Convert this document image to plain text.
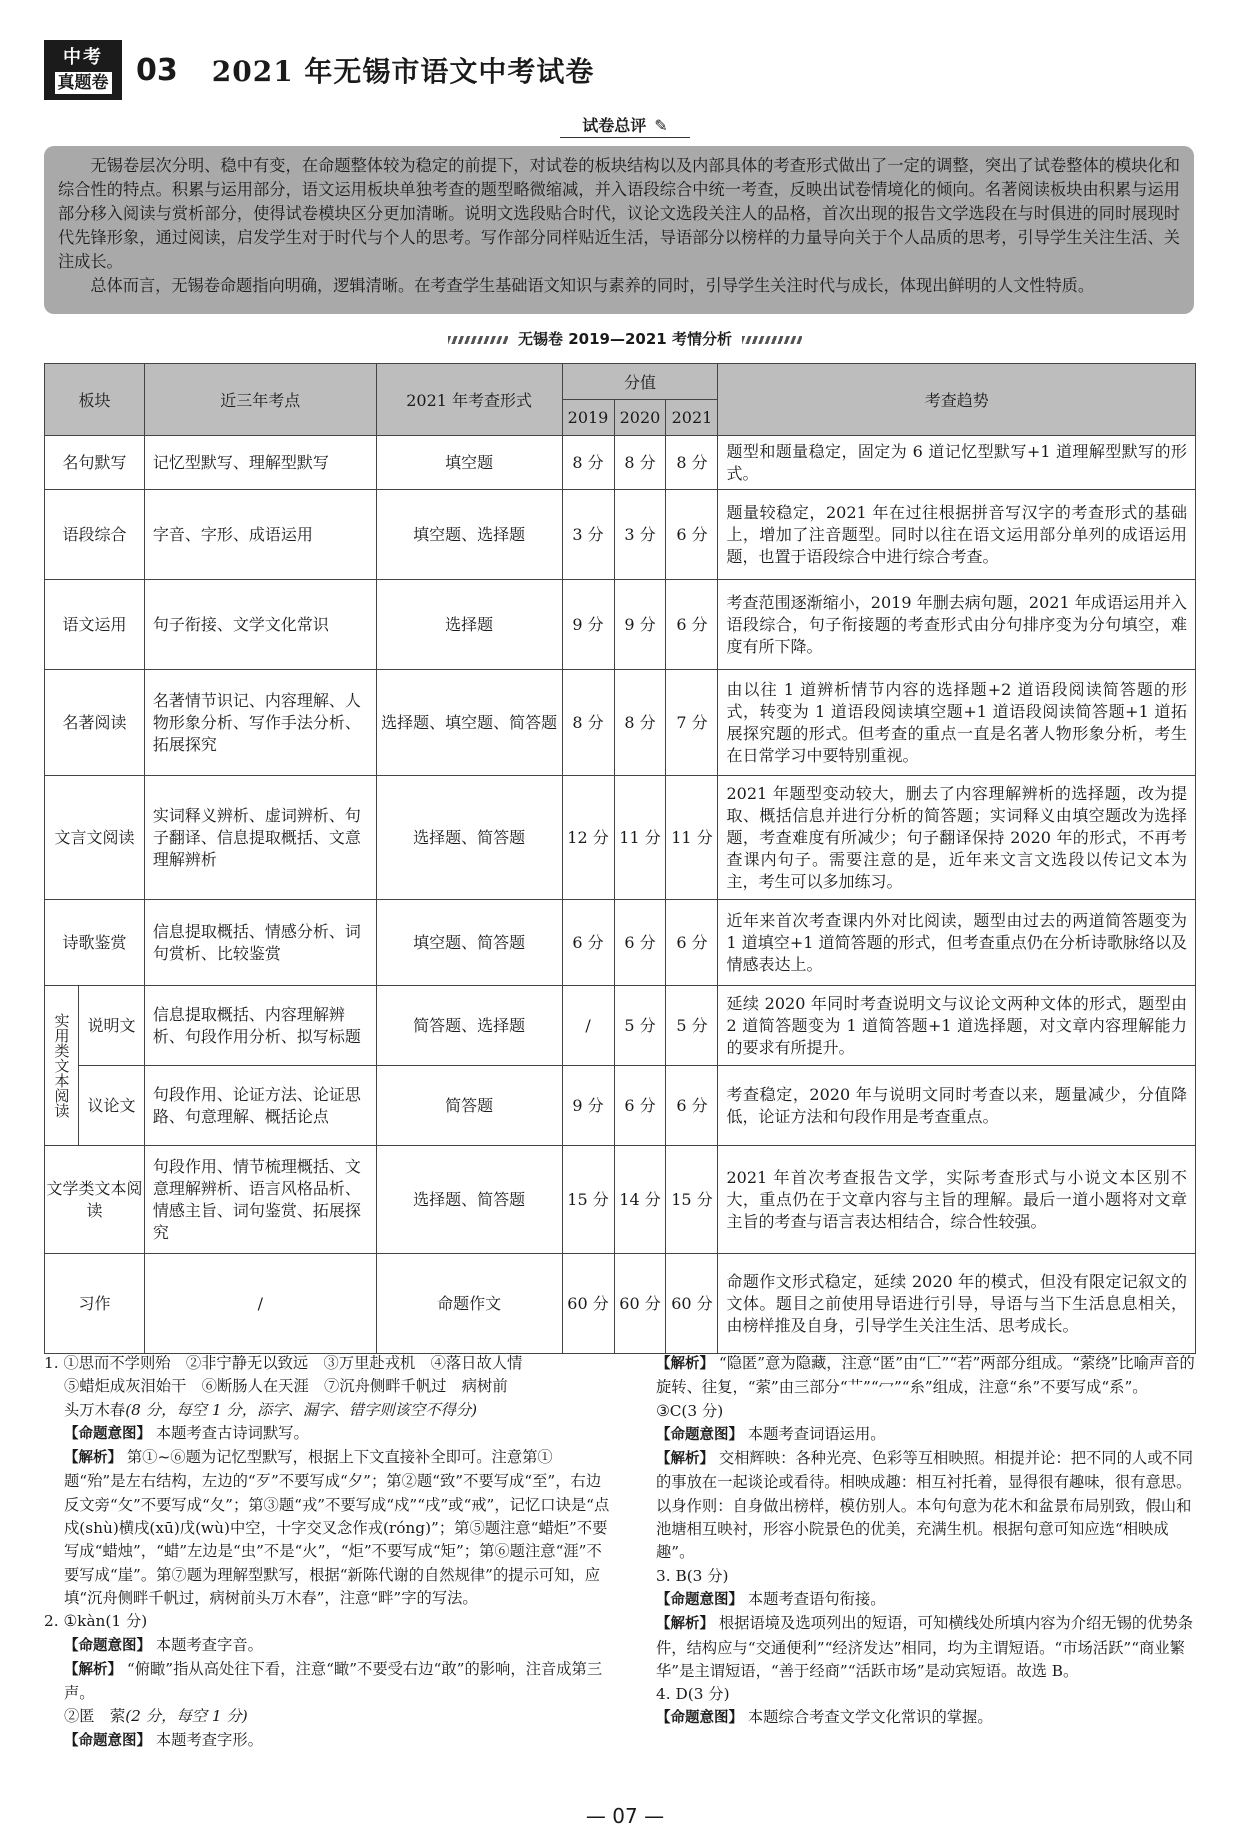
中考
真题卷 03 2021 年无锡市语文中考试卷
试卷总评 ✎

无锡卷层次分明、稳中有变，在命题整体较为稳定的前提下，对试卷的板块结构以及内部具体的考查形式做出了一定的调整，突出了试卷整体的模块化和综合性的特点。积累与运用部分，语文运用板块单独考查的题型略微缩减，并入语段综合中统一考查，反映出试卷情境化的倾向。名著阅读板块由积累与运用部分移入阅读与赏析部分，使得试卷模块区分更加清晰。说明文选段贴合时代，议论文选段关注人的品格，首次出现的报告文学选段在与时俱进的同时展现时代先锋形象，通过阅读，启发学生对于时代与个人的思考。写作部分同样贴近生活，导语部分以榜样的力量导向关于个人品质的思考，引导学生关注生活、关注成长。

总体而言，无锡卷命题指向明确，逻辑清晰。在考查学生基础语文知识与素养的同时，引导学生关注时代与成长，体现出鲜明的人文性特质。

无锡卷 2019—2021 考情分析
板块		近三年考点	2021 年考查形式	分值			考查趋势
				2019	2020	2021	
名句默写		记忆型默写、理解型默写	填空题	8 分	8 分	8 分	题型和题量稳定，固定为 6 道记忆型默写+1 道理解型默写的形式。
语段综合		字音、字形、成语运用	填空题、选择题	3 分	3 分	6 分	题量较稳定，2021 年在过往根据拼音写汉字的考查形式的基础上，增加了注音题型。同时以往在语文运用部分单列的成语运用题，也置于语段综合中进行综合考查。
语文运用		句子衔接、文学文化常识	选择题	9 分	9 分	6 分	考查范围逐渐缩小，2019 年删去病句题，2021 年成语运用并入语段综合，句子衔接题的考查形式由分句排序变为分句填空，难度有所下降。
名著阅读		名著情节识记、内容理解、人物形象分析、写作手法分析、拓展探究	选择题、填空题、简答题	8 分	8 分	7 分	由以往 1 道辨析情节内容的选择题+2 道语段阅读简答题的形式，转变为 1 道语段阅读填空题+1 道语段阅读简答题+1 道拓展探究题的形式。但考查的重点一直是名著人物形象分析，考生在日常学习中要特别重视。
文言文阅读		实词释义辨析、虚词辨析、句子翻译、信息提取概括、文意理解辨析	选择题、简答题	12 分	11 分	11 分	2021 年题型变动较大，删去了内容理解辨析的选择题，改为提取、概括信息并进行分析的简答题；实词释义由填空题改为选择题，考查难度有所减少；句子翻译保持 2020 年的形式，不再考查课内句子。需要注意的是，近年来文言文选段以传记文本为主，考生可以多加练习。
诗歌鉴赏		信息提取概括、情感分析、词句赏析、比较鉴赏	填空题、简答题	6 分	6 分	6 分	近年来首次考查课内外对比阅读，题型由过去的两道简答题变为 1 道填空+1 道简答题的形式，但考查重点仍在分析诗歌脉络以及情感表达上。
实用类文本阅读	说明文	信息提取概括、内容理解辨析、句段作用分析、拟写标题	简答题、选择题	/	5 分	5 分	延续 2020 年同时考查说明文与议论文两种文体的形式，题型由 2 道简答题变为 1 道简答题+1 道选择题，对文章内容理解能力的要求有所提升。
	议论文	句段作用、论证方法、论证思路、句意理解、概括论点	简答题	9 分	6 分	6 分	考查稳定，2020 年与说明文同时考查以来，题量减少，分值降低，论证方法和句段作用是考查重点。
文学类文本阅读		句段作用、情节梳理概括、文意理解辨析、语言风格品析、情感主旨、词句鉴赏、拓展探究	选择题、简答题	15 分	14 分	15 分	2021 年首次考查报告文学，实际考查形式与小说文本区别不大，重点仍在于文章内容与主旨的理解。最后一道小题将对文章主旨的考查与语言表达相结合，综合性较强。
习作		/	命题作文	60 分	60 分	60 分	命题作文形式稳定，延续 2020 年的模式，但没有限定记叙文的文体。题目之前使用导语进行引导，导语与当下生活息息相关，由榜样推及自身，引导学生关注生活、思考成长。
1. ①思而不学则殆　②非宁静无以致远　③万里赴戎机　④落日故人情
⑤蜡炬成灰泪始干　⑥断肠人在天涯　⑦沉舟侧畔千帆过　病树前
头万木春(8 分，每空 1 分，添字、漏字、错字则该空不得分)
【命题意图】 本题考查古诗词默写。
【解析】 第①~⑥题为记忆型默写，根据上下文直接补全即可。注意第①题“殆”是左右结构，左边的“歹”不要写成“夕”；第②题“致”不要写成“至”，右边反文旁“攵”不要写成“夂”；第③题“戎”不要写成“戍”“戌”或“戒”，记忆口诀是“点戍(shù)横戌(xū)戊(wù)中空，十字交叉念作戎(róng)”；第⑤题注意“蜡炬”不要写成“蜡烛”，“蜡”左边是“虫”不是“火”，“炬”不要写成“矩”；第⑥题注意“涯”不要写成“崖”。第⑦题为理解型默写，根据“新陈代谢的自然规律”的提示可知，应填“沉舟侧畔千帆过，病树前头万木春”，注意“畔”字的写法。
2. ①kàn(1 分)
【命题意图】 本题考查字音。
【解析】 “俯瞰”指从高处往下看，注意“瞰”不要受右边“敢”的影响，注音成第三声。
②匿　萦(2 分，每空 1 分)
【命题意图】 本题考查字形。
【解析】 “隐匿”意为隐藏，注意“匿”由“匚”“若”两部分组成。“萦绕”比喻声音的旋转、往复，“萦”由三部分“艹”“冖”“糸”组成，注意“糸”不要写成“系”。
③C(3 分)
【命题意图】 本题考查词语运用。
【解析】 交相辉映：各种光亮、色彩等互相映照。相提并论：把不同的人或不同的事放在一起谈论或看待。相映成趣：相互衬托着，显得很有趣味，很有意思。以身作则：自身做出榜样，模仿别人。本句句意为花木和盆景布局别致，假山和池塘相互映衬，形容小院景色的优美，充满生机。根据句意可知应选“相映成趣”。
3. B(3 分)
【命题意图】 本题考查语句衔接。
【解析】 根据语境及选项列出的短语，可知横线处所填内容为介绍无锡的优势条件，结构应与“交通便利”“经济发达”相同，均为主谓短语。“市场活跃”“商业繁华”是主谓短语，“善于经商”“活跃市场”是动宾短语。故选 B。
4. D(3 分)
【命题意图】 本题综合考查文学文化常识的掌握。
— 07 —
